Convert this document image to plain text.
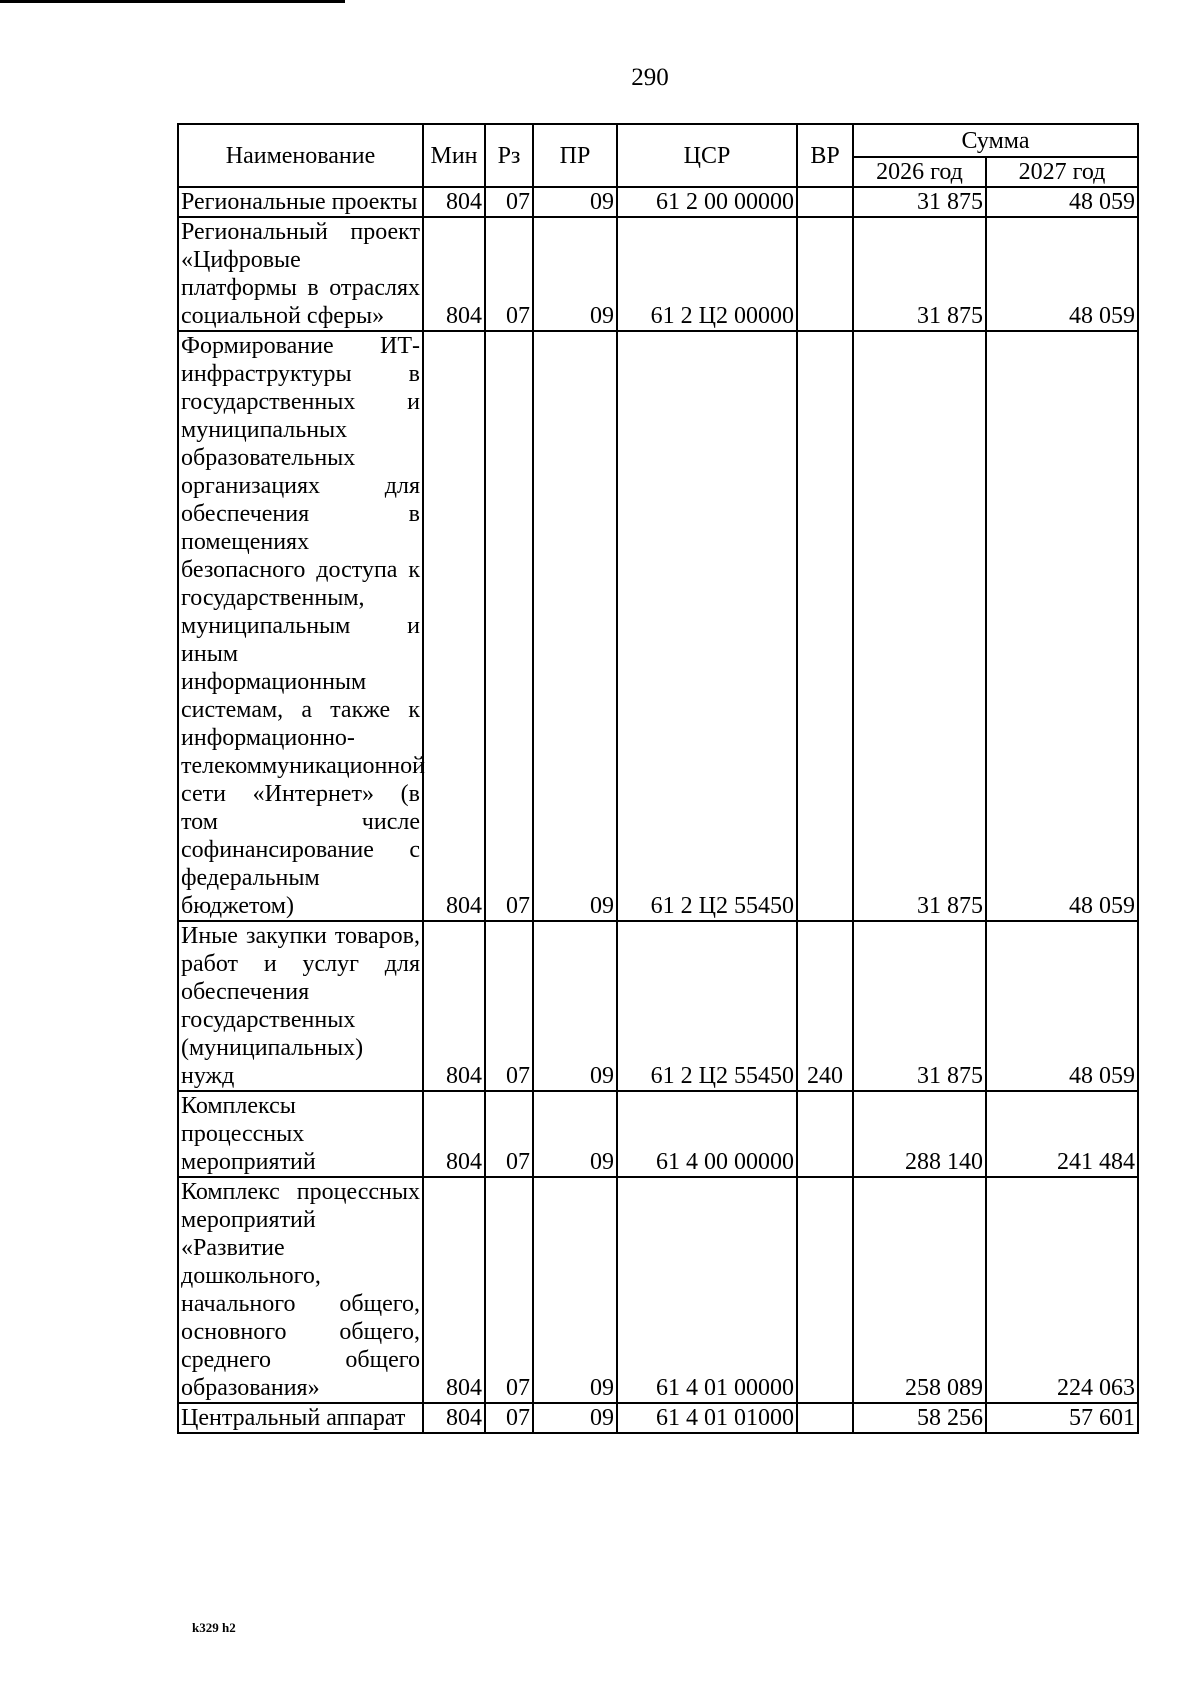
290
Наименование	Мин	Рз	ПР	ЦСР	ВР	Сумма	
						2026 год	2027 год
Региональные проекты	804	07	09	61 2 00 00000		31 875	48 059
Региональный проект «Цифровые платформы в отраслях социальной сферы»	804	07	09	61 2 Ц2 00000		31 875	48 059
Формирование ИТ-инфраструктуры в государственных и муниципальных образовательных организациях для обеспечения в помещениях безопасного доступа к государственным, муниципальным и иным информационным системам, а также к информационно-телекоммуникационной сети «Интернет» (в том числе софинансирование с федеральным бюджетом)	804	07	09	61 2 Ц2 55450		31 875	48 059
Иные закупки товаров, работ и услуг для обеспечения государственных (муниципальных) нужд	804	07	09	61 2 Ц2 55450	240	31 875	48 059
Комплексы процессных мероприятий	804	07	09	61 4 00 00000		288 140	241 484
Комплекс процессных мероприятий «Развитие дошкольного, начального общего, основного общего, среднего общего образования»	804	07	09	61 4 01 00000		258 089	224 063
Центральный аппарат	804	07	09	61 4 01 01000		58 256	57 601
k329 h2
